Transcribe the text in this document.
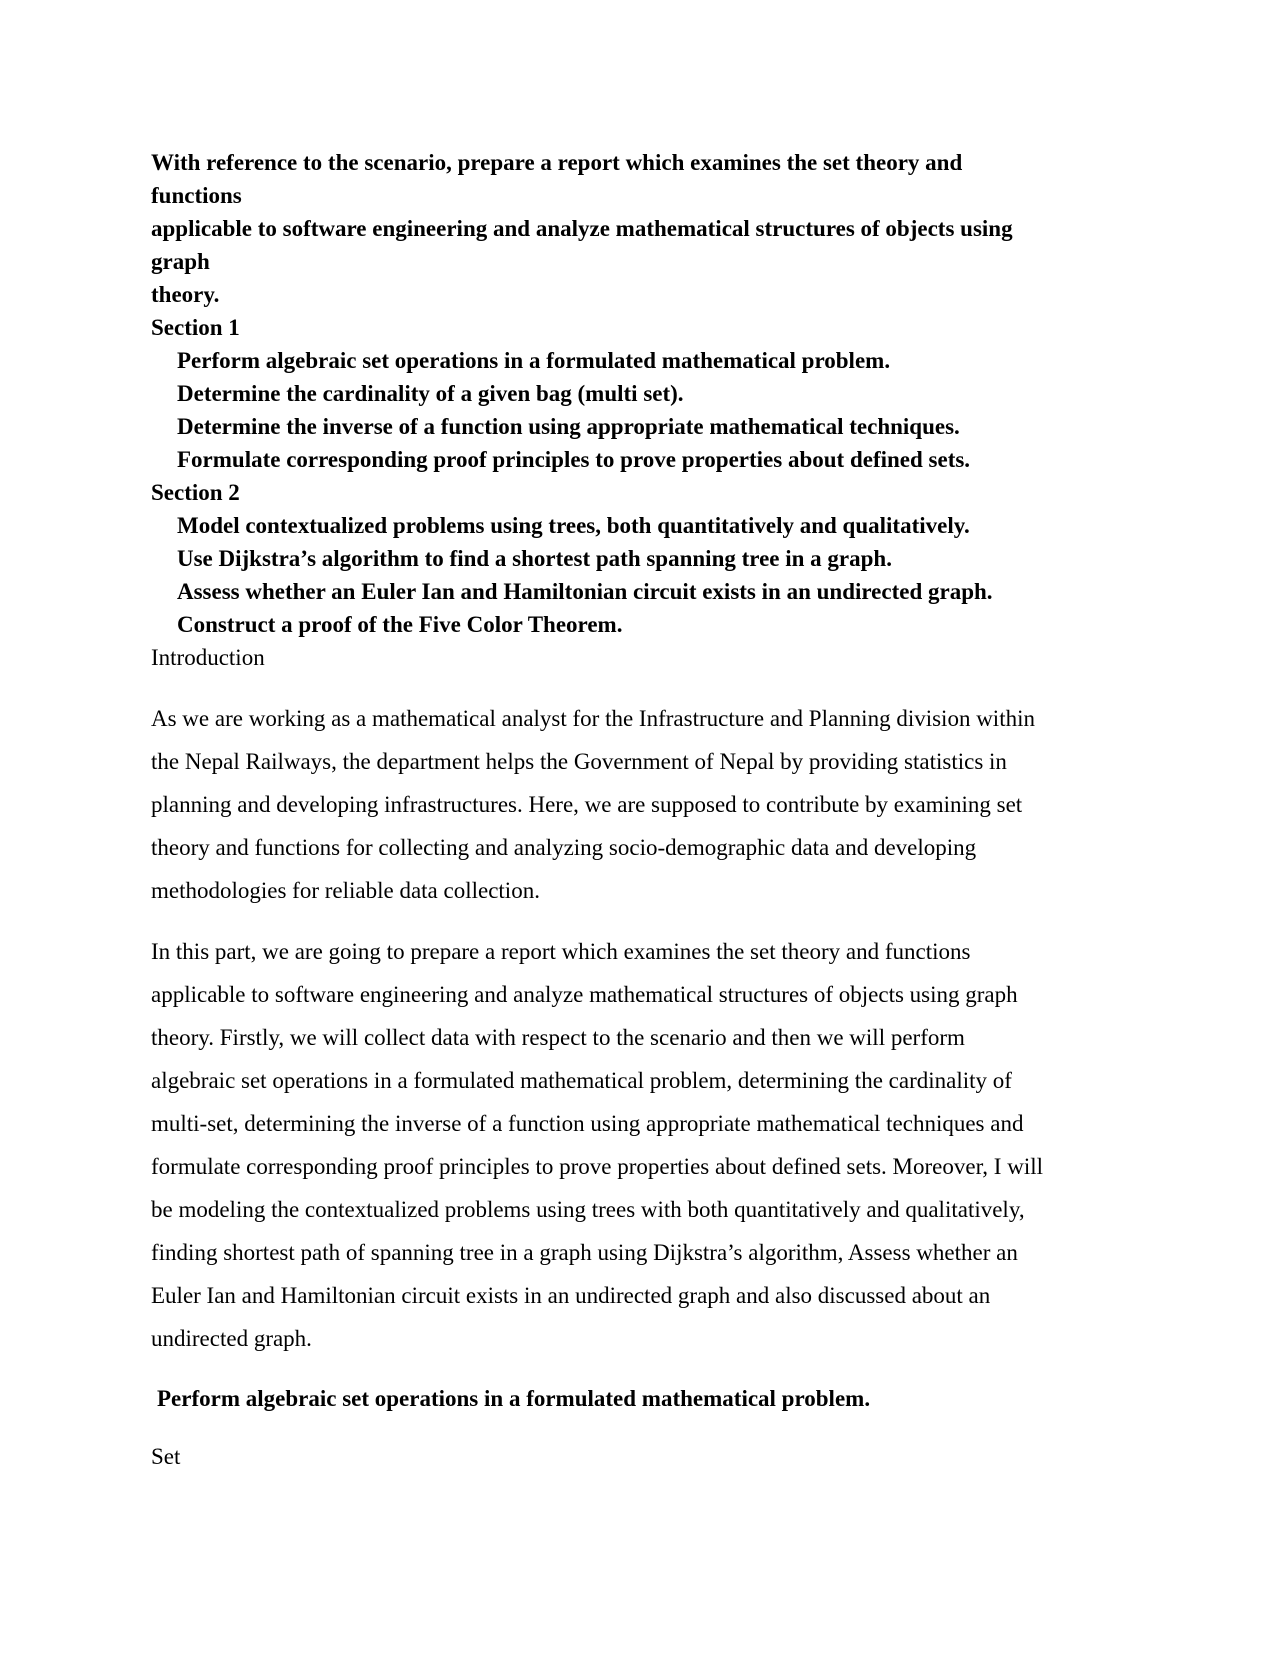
With reference to the scenario, prepare a report which examines the set theory and

functions

applicable to software engineering and analyze mathematical structures of objects using

graph

theory.

Section 1

Perform algebraic set operations in a formulated mathematical problem.

Determine the cardinality of a given bag (multi set).

Determine the inverse of a function using appropriate mathematical techniques.

Formulate corresponding proof principles to prove properties about defined sets.

Section 2

Model contextualized problems using trees, both quantitatively and qualitatively.

Use Dijkstra’s algorithm to find a shortest path spanning tree in a graph.

Assess whether an Euler Ian and Hamiltonian circuit exists in an undirected graph.

Construct a proof of the Five Color Theorem.

Introduction

As we are working as a mathematical analyst for the Infrastructure and Planning division within

the Nepal Railways, the department helps the Government of Nepal by providing statistics in

planning and developing infrastructures. Here, we are supposed to contribute by examining set

theory and functions for collecting and analyzing socio-demographic data and developing

methodologies for reliable data collection.

In this part, we are going to prepare a report which examines the set theory and functions

applicable to software engineering and analyze mathematical structures of objects using graph

theory. Firstly, we will collect data with respect to the scenario and then we will perform

algebraic set operations in a formulated mathematical problem, determining the cardinality of

multi-set, determining the inverse of a function using appropriate mathematical techniques and

formulate corresponding proof principles to prove properties about defined sets. Moreover, I will

be modeling the contextualized problems using trees with both quantitatively and qualitatively,

finding shortest path of spanning tree in a graph using Dijkstra’s algorithm, Assess whether an

Euler Ian and Hamiltonian circuit exists in an undirected graph and also discussed about an

undirected graph.

Perform algebraic set operations in a formulated mathematical problem.

Set
